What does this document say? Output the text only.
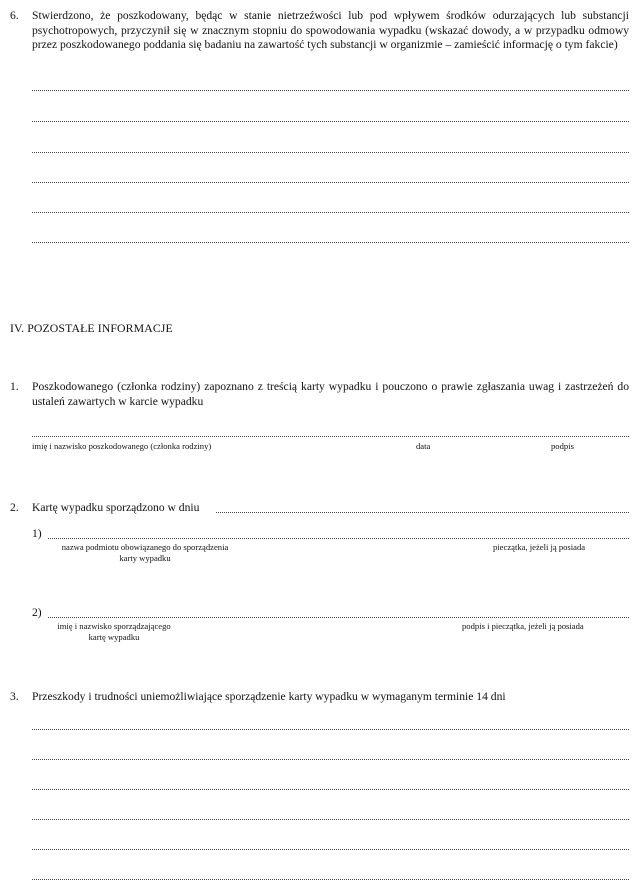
6. Stwierdzono, że poszkodowany, będąc w stanie nietrzeźwości lub pod wpływem środków odurzających lub substancji psychotropowych, przyczynił się w znacznym stopniu do spowodowania wypadku (wskazać dowody, a w przypadku odmowy przez poszkodowanego poddania się badaniu na zawartość tych substancji w organizmie – zamieścić informację o tym fakcie)
IV. POZOSTAŁE INFORMACJE
1. Poszkodowanego (członka rodziny) zapoznano z treścią karty wypadku i pouczono o prawie zgłaszania uwag i zastrzeżeń do ustaleń zawartych w karcie wypadku
imię i nazwisko poszkodowanego (członka rodziny)	data	podpis
2. Kartę wypadku sporządzono w dniu
1)
nazwa podmiotu obowiązanego do sporządzenia
karty wypadku
pieczątka, jeżeli ją posiada
2)
imię i nazwisko sporządzającego
kartę wypadku
podpis i pieczątka, jeżeli ją posiada
3. Przeszkody i trudności uniemożliwiające sporządzenie karty wypadku w wymaganym terminie 14 dni
